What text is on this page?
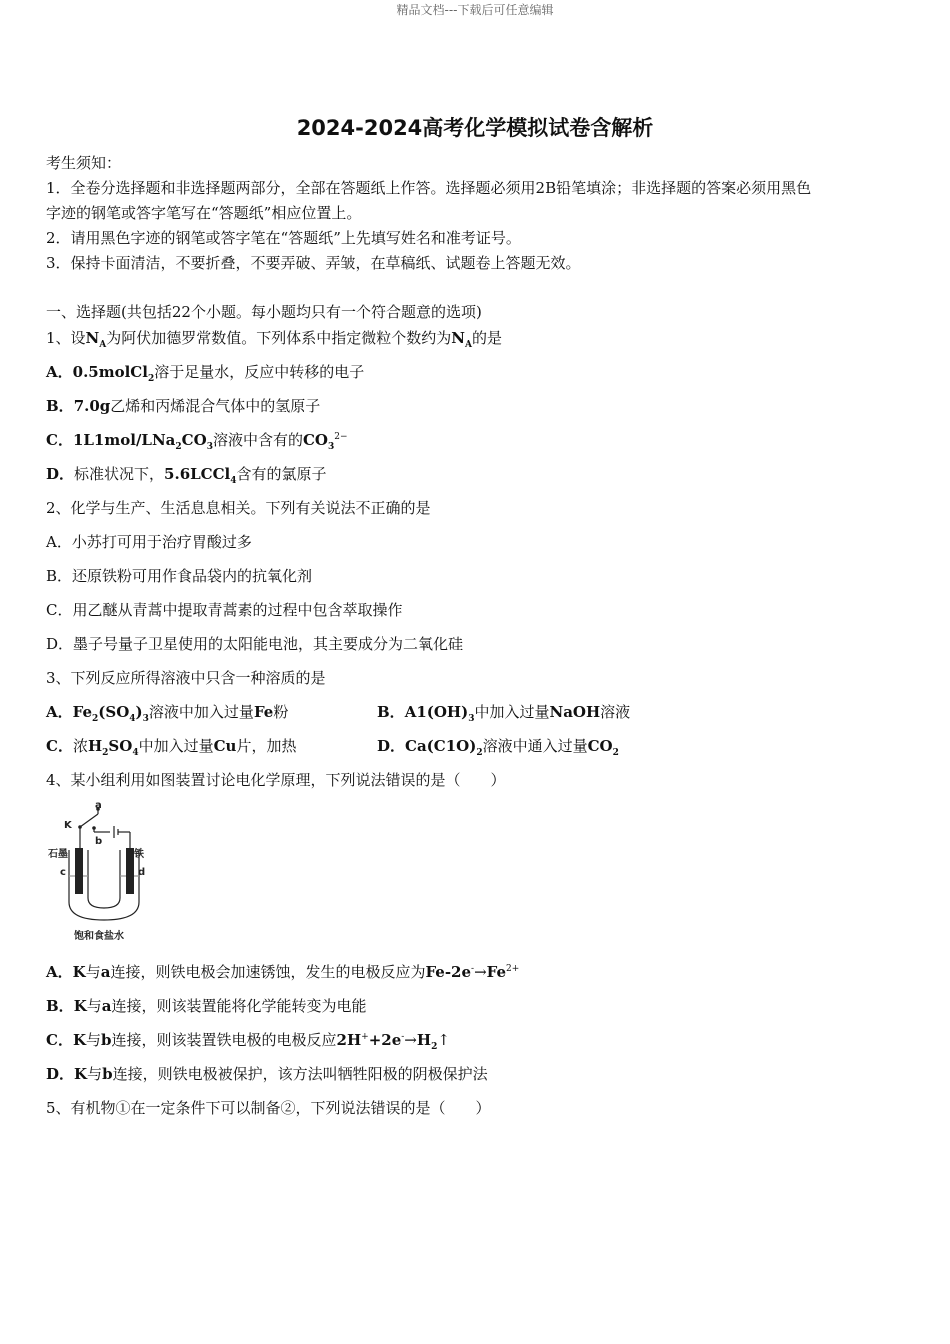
精品文档---下载后可任意编辑
2024-2024高考化学模拟试卷含解析
考生须知：
1．全卷分选择题和非选择题两部分，全部在答题纸上作答。选择题必须用2B铅笔填涂；非选择题的答案必须用黑色
字迹的钢笔或答字笔写在“答题纸”相应位置上。
2．请用黑色字迹的钢笔或答字笔在“答题纸”上先填写姓名和准考证号。
3．保持卡面清洁，不要折叠，不要弄破、弄皱，在草稿纸、试题卷上答题无效。
一、选择题(共包括22个小题。每小题均只有一个符合题意的选项)
1、设$N_A$为阿伏加德罗常数值。下列体系中指定微粒个数约为$N_A$的是
A．0.5molCl$_2$溶于足量水，反应中转移的电子
B．7.0g乙烯和丙烯混合气体中的氢原子
C．$1L1mol/LNa_2CO_3$溶液中含有的$CO_3^{2-}$
D．标准状况下，5.6LCCl$_4$含有的氯原子
2、化学与生产、生活息息相关。下列有关说法不正确的是
A．小苏打可用于治疗胃酸过多
B．还原铁粉可用作食品袋内的抗氧化剂
C．用乙醚从青蒿中提取青蒿素的过程中包含萃取操作
D．墨子号量子卫星使用的太阳能电池，其主要成分为二氧化硅
3、下列反应所得溶液中只含一种溶质的是
A．$Fe_2(SO_4)_3$溶液中加入过量Fe粉	B．$A1(OH)_3$中加入过量NaOH溶液
C．浓$H_2SO_4$中加入过量Cu片，加热	D．$Ca(C1O)_2$溶液中通入过量$CO_2$
4、某小组利用如图装置讨论电化学原理，下列说法错误的是（　　）
a
b
K
c	d
石墨	铁
饱和食盐水
A．K与a连接，则铁电极会加速锈蚀，发生的电极反应为$Fe-2e^-\to Fe^{2+}$
B．K与a连接，则该装置能将化学能转变为电能
C．K与b连接，则该装置铁电极的电极反应$2H^++2e^-\to H_2↑$
D．K与b连接，则铁电极被保护，该方法叫牺牲阳极的阴极保护法
5、有机物①在一定条件下可以制备②，下列说法错误的是（　　）
